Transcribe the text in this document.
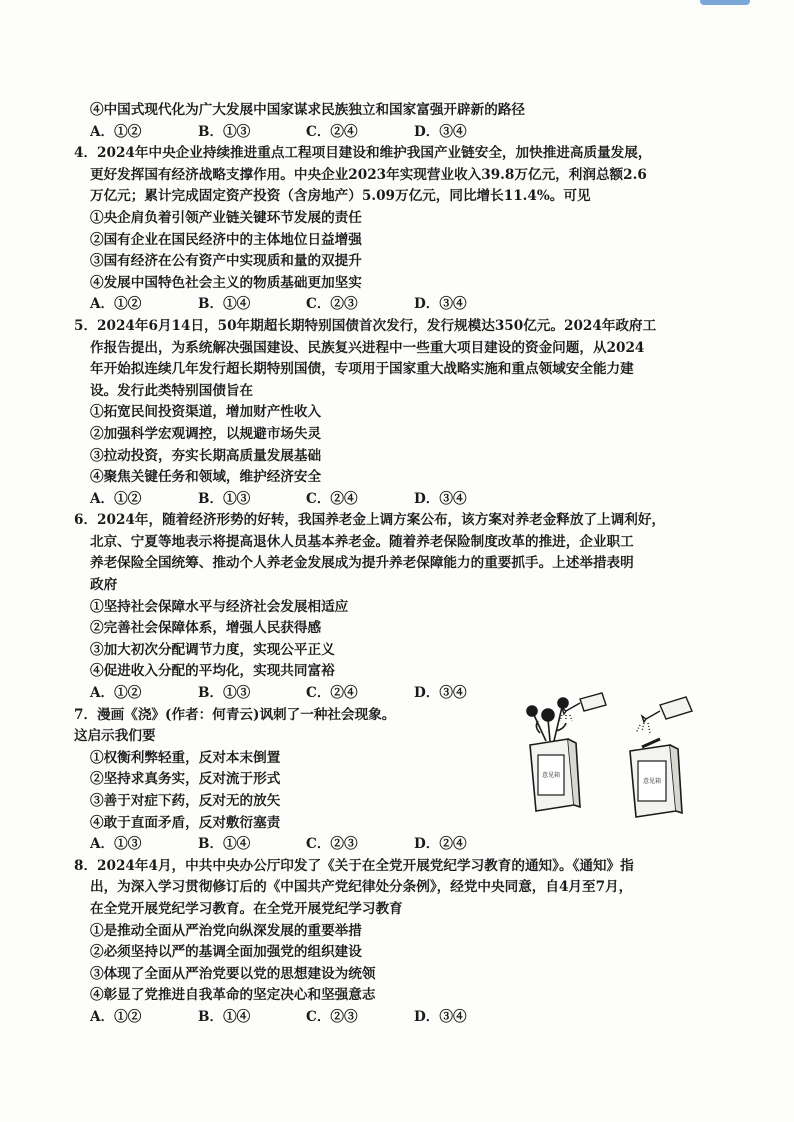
④中国式现代化为广大发展中国家谋求民族独立和国家富强开辟新的路径
A．①②	B．①③	C．②④	D．③④
4．2024年中央企业持续推进重点工程项目建设和维护我国产业链安全，加快推进高质量发展，
更好发挥国有经济战略支撑作用。中央企业2023年实现营业收入39.8万亿元，利润总额2.6
万亿元；累计完成固定资产投资（含房地产）5.09万亿元，同比增长11.4%。可见
①央企肩负着引领产业链关键环节发展的责任
②国有企业在国民经济中的主体地位日益增强
③国有经济在公有资产中实现质和量的双提升
④发展中国特色社会主义的物质基础更加坚实
A．①②	B．①④	C．②③	D．③④
5．2024年6月14日，50年期超长期特别国债首次发行，发行规模达350亿元。2024年政府工
作报告提出，为系统解决强国建设、民族复兴进程中一些重大项目建设的资金问题，从2024
年开始拟连续几年发行超长期特别国债，专项用于国家重大战略实施和重点领域安全能力建
设。发行此类特别国债旨在
①拓宽民间投资渠道，增加财产性收入
②加强科学宏观调控，以规避市场失灵
③拉动投资，夯实长期高质量发展基础
④聚焦关键任务和领域，维护经济安全
A．①②	B．①③	C．②④	D．③④
6．2024年，随着经济形势的好转，我国养老金上调方案公布，该方案对养老金释放了上调利好，
北京、宁夏等地表示将提高退休人员基本养老金。随着养老保险制度改革的推进，企业职工
养老保险全国统筹、推动个人养老金发展成为提升养老保障能力的重要抓手。上述举措表明
政府
①坚持社会保障水平与经济社会发展相适应
②完善社会保障体系，增强人民获得感
③加大初次分配调节力度，实现公平正义
④促进收入分配的平均化，实现共同富裕
A．①②	B．①③	C．②④	D．③④
7．漫画《浇》(作者：何青云)讽刺了一种社会现象。
这启示我们要
①权衡利弊轻重，反对本末倒置
②坚持求真务实，反对流于形式
③善于对症下药，反对无的放矢
④敢于直面矛盾，反对敷衍塞责
A．①③	B．①④	C．②③	D．②④
意见箱
意见箱
8．2024年4月，中共中央办公厅印发了《关于在全党开展党纪学习教育的通知》。《通知》指
出，为深入学习贯彻修订后的《中国共产党纪律处分条例》，经党中央同意，自4月至7月，
在全党开展党纪学习教育。在全党开展党纪学习教育
①是推动全面从严治党向纵深发展的重要举措
②必须坚持以严的基调全面加强党的组织建设
③体现了全面从严治党要以党的思想建设为统领
④彰显了党推进自我革命的坚定决心和坚强意志
A．①②	B．①④	C．②③	D．③④
